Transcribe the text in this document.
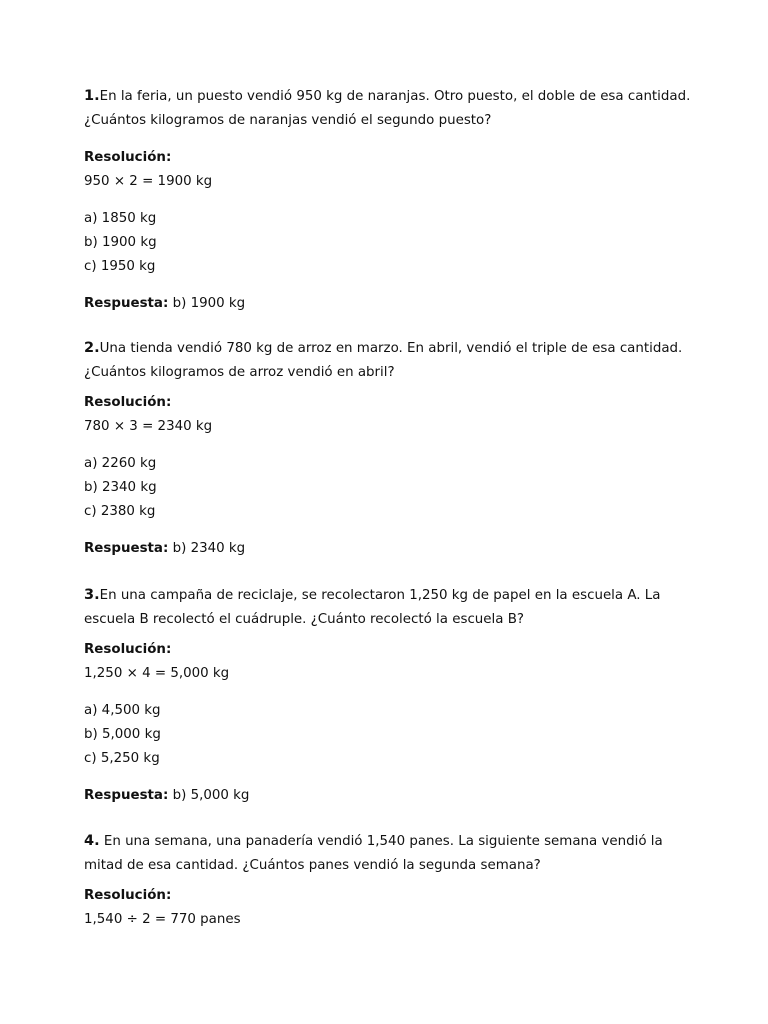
1.En la feria, un puesto vendió 950 kg de naranjas. Otro puesto, el doble de esa cantidad.
¿Cuántos kilogramos de naranjas vendió el segundo puesto?

Resolución:

950 × 2 = 1900 kg

a) 1850 kg

b) 1900 kg

c) 1950 kg

Respuesta: b) 1900 kg

2.Una tienda vendió 780 kg de arroz en marzo. En abril, vendió el triple de esa cantidad.
¿Cuántos kilogramos de arroz vendió en abril?

Resolución:

780 × 3 = 2340 kg

a) 2260 kg

b) 2340 kg

c) 2380 kg

Respuesta: b) 2340 kg

3.En una campaña de reciclaje, se recolectaron 1,250 kg de papel en la escuela A. La
escuela B recolectó el cuádruple. ¿Cuánto recolectó la escuela B?

Resolución:

1,250 × 4 = 5,000 kg

a) 4,500 kg

b) 5,000 kg

c) 5,250 kg

Respuesta: b) 5,000 kg

4. En una semana, una panadería vendió 1,540 panes. La siguiente semana vendió la
mitad de esa cantidad. ¿Cuántos panes vendió la segunda semana?

Resolución:

1,540 ÷ 2 = 770 panes
